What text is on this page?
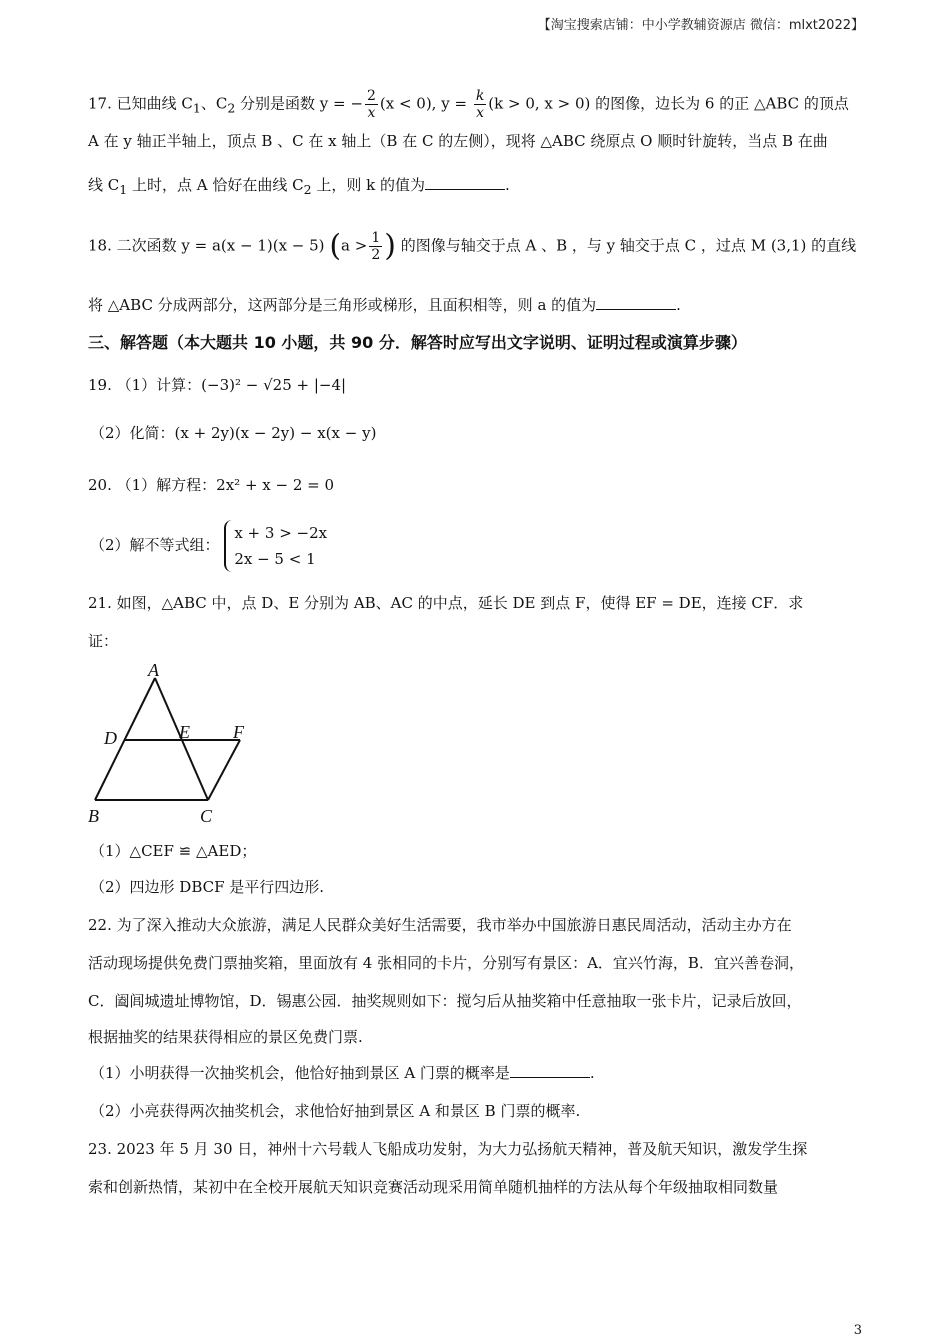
【淘宝搜索店铺：中小学教辅资源店 微信：mlxt2022】
17. 已知曲线 $C_1$、$C_2$ 分别是函数 y = − $\frac{2}{x} (x < 0)$, $y = \frac{k}{x} (k > 0$, x > 0) 的图像，边长为 6 的正 △ABC 的顶点
A 在 y 轴正半轴上，顶点 B 、C 在 x 轴上（B 在 C 的左侧），现将 △ABC 绕原点 O 顺时针旋转，当点 B 在曲
线 $C_1$ 上时，点 A 恰好在曲线 $C_2$ 上，则 k 的值为	.
18. 二次函数 y = a(x − 1)(x − 5) ($a > \frac{1}{2}$ ) 的图像与轴交于点 A 、B ，与 y 轴交于点 C ，过点 M (3,1) 的直线
将 △ABC 分成两部分，这两部分是三角形或梯形，且面积相等，则 a 的值为	.
三、解答题（本大题共 10 小题，共 90 分．解答时应写出文字说明、证明过程或演算步骤）
19. （1）计算：(−3)² − √25 + |−4|
（2）化简：(x + 2y)(x − 2y) − x(x − y)
20. （1）解方程：2x² + x − 2 = 0
（2）解不等式组： x + 3 > −2x
2x − 5 < 1
21. 如图，△ABC 中，点 D、E 分别为 AB、AC 的中点，延长 DE 到点 F，使得 EF = DE，连接 CF．求
证：
A
B	C
D	E F
（1）△CEF ≌ △AED；
（2）四边形 DBCF 是平行四边形.
22. 为了深入推动大众旅游，满足人民群众美好生活需要，我市举办中国旅游日惠民周活动，活动主办方在
活动现场提供免费门票抽奖箱，里面放有 4 张相同的卡片，分别写有景区：A．宜兴竹海，B．宜兴善卷洞，
C．阖闾城遗址博物馆，D．锡惠公园．抽奖规则如下：搅匀后从抽奖箱中任意抽取一张卡片，记录后放回，
根据抽奖的结果获得相应的景区免费门票.
（1）小明获得一次抽奖机会，他恰好抽到景区 A 门票的概率是	.
（2）小亮获得两次抽奖机会，求他恰好抽到景区 A 和景区 B 门票的概率.
23. 2023 年 5 月 30 日，神州十六号载人飞船成功发射，为大力弘扬航天精神，普及航天知识，激发学生探
索和创新热情，某初中在全校开展航天知识竞赛活动现采用简单随机抽样的方法从每个年级抽取相同数量
3
